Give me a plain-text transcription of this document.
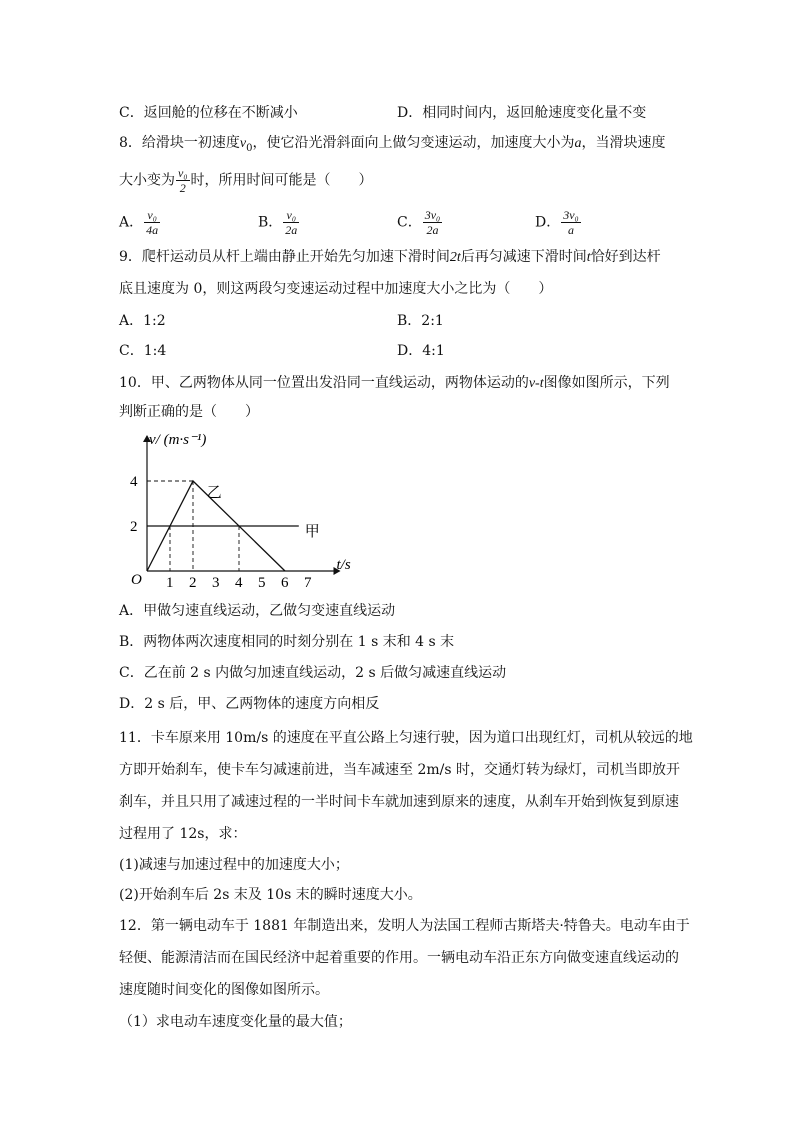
C．返回舱的位移在不断减小	D．相同时间内，返回舱速度变化量不变
8．给滑块一初速度$v_0$，使它沿光滑斜面向上做匀变速运动，加速度大小为a，当滑块速度
大小变为 $\frac{\text{v₀}}{2}$ 时，所用时间可能是（　　）
A． $\frac{\text{v₀}}{4a}$	B． $\frac{\text{v₀}}{2a}$	C． $\frac{\text{3v₀}}{2a}$	D． $\frac{\text{3v₀}}{a}$
9．爬杆运动员从杆上端由静止开始先匀加速下滑时间2t后再匀减速下滑时间t恰好到达杆
底且速度为 0，则这两段匀变速运动过程中加速度大小之比为（　　）
A．1:2	B．2:1
C．1:4	D．4:1
10．甲、乙两物体从同一位置出发沿同一直线运动，两物体运动的v-t图像如图所示，下列
判断正确的是（　　）
v/ (m·s⁻¹)
t/s
O 1 2 3 4 5 6 7
2
4
甲
乙
A．甲做匀速直线运动，乙做匀变速直线运动
B．两物体两次速度相同的时刻分别在 1 s 末和 4 s 末
C．乙在前 2 s 内做匀加速直线运动，2 s 后做匀减速直线运动
D．2 s 后，甲、乙两物体的速度方向相反
11．卡车原来用 10m/s 的速度在平直公路上匀速行驶，因为道口出现红灯，司机从较远的地
方即开始刹车，使卡车匀减速前进，当车减速至 2m/s 时，交通灯转为绿灯，司机当即放开
刹车，并且只用了减速过程的一半时间卡车就加速到原来的速度，从刹车开始到恢复到原速
过程用了 12s，求：
(1)减速与加速过程中的加速度大小；
(2)开始刹车后 2s 末及 10s 末的瞬时速度大小。
12．第一辆电动车于 1881 年制造出来，发明人为法国工程师古斯塔夫·特鲁夫。电动车由于
轻便、能源清洁而在国民经济中起着重要的作用。一辆电动车沿正东方向做变速直线运动的
速度随时间变化的图像如图所示。
（1）求电动车速度变化量的最大值；
